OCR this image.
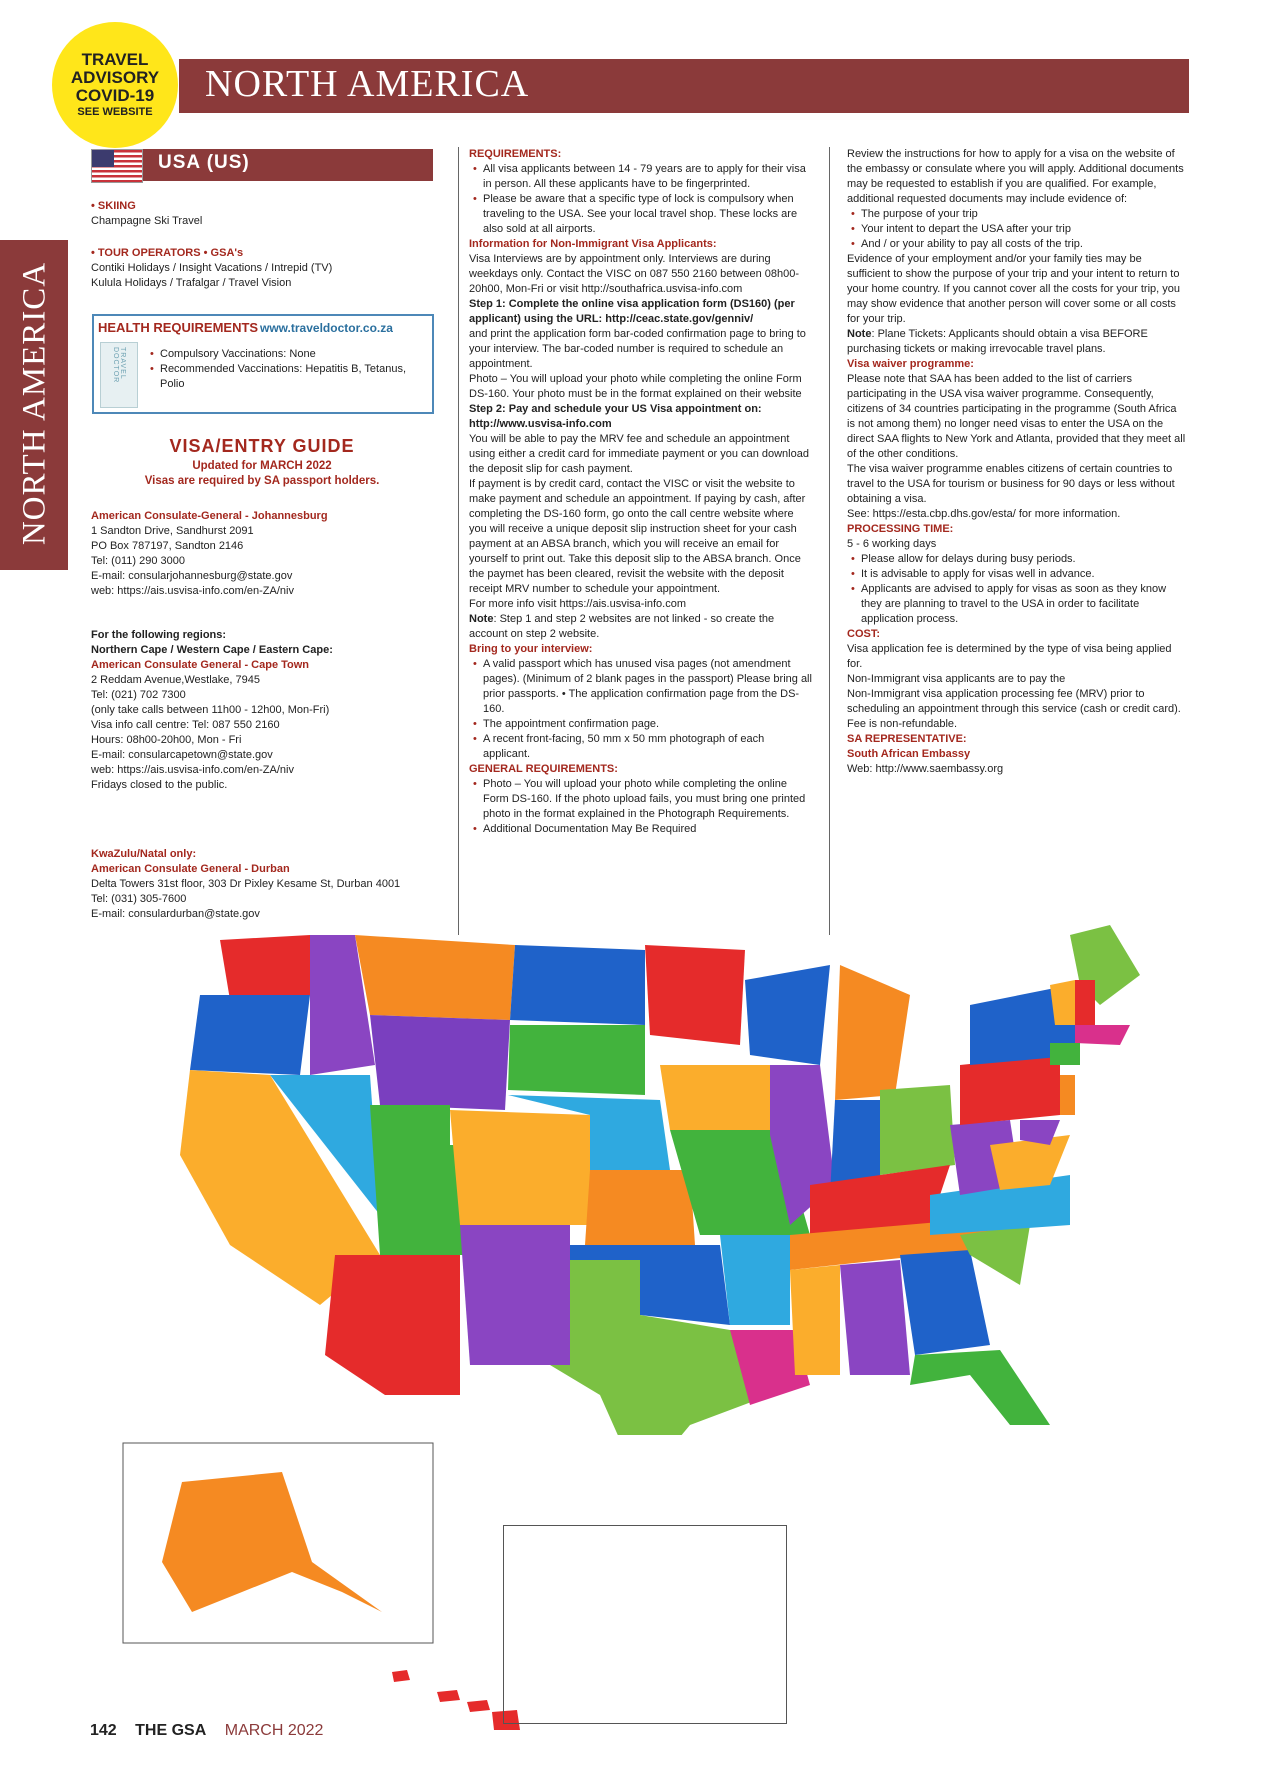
NORTH AMERICA
TRAVEL
ADVISORY
COVID-19
SEE WEBSITE
NORTH AMERICA
USA (US)
• SKIING
Champagne Ski Travel
• TOUR OPERATORS • GSA's
Contiki Holidays / Insight Vacations / Intrepid (TV)
Kulula Holidays / Trafalgar / Travel Vision
HEALTH REQUIREMENTS www.traveldoctor.co.za
TRAVEL DOCTOR
•	Compulsory Vaccinations: None
• Recommended Vaccinations: Hepatitis B, Tetanus, Polio
VISA/ENTRY GUIDE
Updated for MARCH 2022
Visas are required by SA passport holders.
American Consulate-General - Johannesburg
1 Sandton Drive, Sandhurst 2091
PO Box 787197, Sandton 2146
Tel: (011) 290 3000
E-mail: consularjohannesburg@state.gov
web: https://ais.usvisa-info.com/en-ZA/niv
For the following regions:
Northern Cape / Western Cape / Eastern Cape:
American Consulate General - Cape Town
2 Reddam Avenue,Westlake, 7945
Tel: (021) 702 7300
(only take calls between 11h00 - 12h00, Mon-Fri)
Visa info call centre: Tel: 087 550 2160
Hours: 08h00-20h00, Mon - Fri
E-mail: consularcapetown@state.gov
web: https://ais.usvisa-info.com/en-ZA/niv
Fridays closed to the public.
KwaZulu/Natal only:
American Consulate General - Durban
Delta Towers 31st floor, 303 Dr Pixley Kesame St, Durban 4001
Tel: (031) 305-7600
E-mail: consulardurban@state.gov

REQUIREMENTS:

• All visa applicants between 14 - 79 years are to apply for their visa in person. All these applicants have to be fingerprinted.
• Please be aware that a specific type of lock is compulsory when traveling to the USA. See your local travel shop. These locks are also sold at all airports.

Information for Non-Immigrant Visa Applicants:

Visa Interviews are by appointment only. Interviews are during weekdays only. Contact the VISC on 087 550 2160 between 08h00-20h00, Mon-Fri or visit http://southafrica.usvisa-info.com

Step 1: Complete the online visa application form (DS160) (per applicant) using the URL: http://ceac.state.gov/genniv/

and print the application form bar-coded confirmation page to bring to your interview. The bar-coded number is required to schedule an appointment.

Photo – You will upload your photo while completing the online Form DS-160. Your photo must be in the format explained on their website

Step 2: Pay and schedule your US Visa appointment on: http://www.usvisa-info.com

You will be able to pay the MRV fee and schedule an appointment using either a credit card for immediate payment or you can download the deposit slip for cash payment.

If payment is by credit card, contact the VISC or visit the website to make payment and schedule an appointment. If paying by cash, after completing the DS-160 form, go onto the call centre website where you will receive a unique deposit slip instruction sheet for your cash payment at an ABSA branch, which you will receive an email for yourself to print out. Take this deposit slip to the ABSA branch. Once the paymet has been cleared, revisit the website with the deposit receipt MRV number to schedule your appointment.

For more info visit https://ais.usvisa-info.com

Note: Step 1 and step 2 websites are not linked - so create the account on step 2 website.

Bring to your interview:

• A valid passport which has unused visa pages (not amendment pages). (Minimum of 2 blank pages in the passport) Please bring all prior passports. • The application confirmation page from the DS-160.
• The appointment confirmation page.
• A recent front-facing, 50 mm x 50 mm photograph of each applicant.

GENERAL REQUIREMENTS:

• Photo – You will upload your photo while completing the online Form DS-160. If the photo upload fails, you must bring one printed photo in the format explained in the Photograph Requirements.
• Additional Documentation May Be Required

Review the instructions for how to apply for a visa on the website of the embassy or consulate where you will apply. Additional documents may be requested to establish if you are qualified. For example, additional requested documents may include evidence of:

• The purpose of your trip
• Your intent to depart the USA after your trip
• And / or your ability to pay all costs of the trip.

Evidence of your employment and/or your family ties may be sufficient to show the purpose of your trip and your intent to return to your home country. If you cannot cover all the costs for your trip, you may show evidence that another person will cover some or all costs for your trip.

Note: Plane Tickets: Applicants should obtain a visa BEFORE purchasing tickets or making irrevocable travel plans.

Visa waiver programme:

Please note that SAA has been added to the list of carriers participating in the USA visa waiver programme. Consequently, citizens of 34 countries participating in the programme (South Africa is not among them) no longer need visas to enter the USA on the direct SAA flights to New York and Atlanta, provided that they meet all of the other conditions.

The visa waiver programme enables citizens of certain countries to travel to the USA for tourism or business for 90 days or less without obtaining a visa.

See: https://esta.cbp.dhs.gov/esta/ for more information.

PROCESSING TIME:

5 - 6 working days

• Please allow for delays during busy periods.
• It is advisable to apply for visas well in advance.
• Applicants are advised to apply for visas as soon as they know they are planning to travel to the USA in order to facilitate application process.

COST:

Visa application fee is determined by the type of visa being applied for.

Non-Immigrant visa applicants are to pay the

Non-Immigrant visa application processing fee (MRV) prior to scheduling an appointment through this service (cash or credit card).

Fee is non-refundable.

SA REPRESENTATIVE:

South African Embassy

Web: http://www.saembassy.org

142 THE GSA MARCH 2022
